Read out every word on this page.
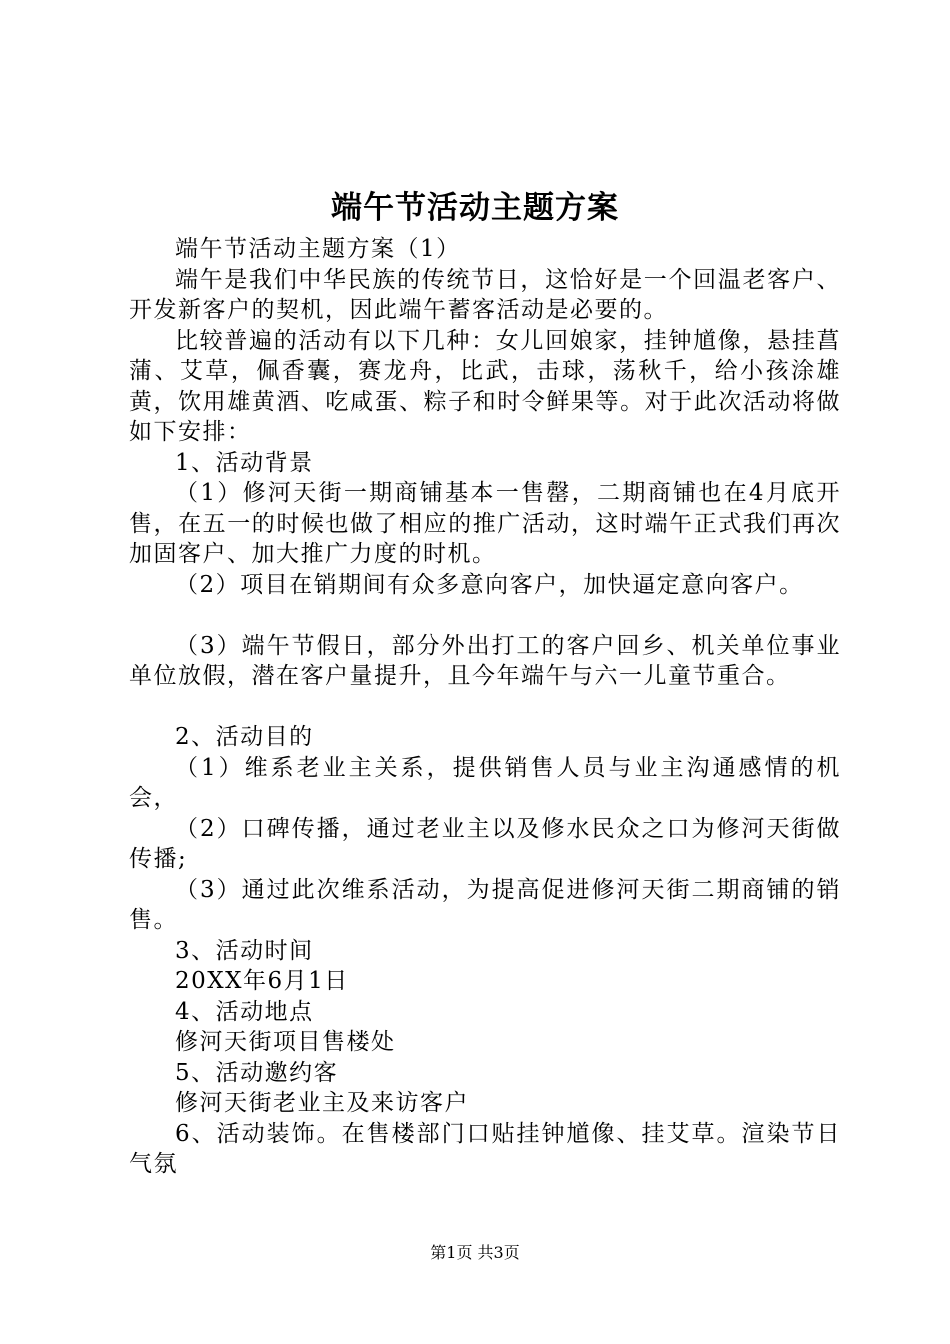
端午节活动主题方案

端午节活动主题方案（1）

端午是我们中华民族的传统节日，这恰好是一个回温老客户、开发新客户的契机，因此端午蓄客活动是必要的。

比较普遍的活动有以下几种：女儿回娘家，挂钟馗像，悬挂菖蒲、艾草，佩香囊，赛龙舟，比武，击球，荡秋千，给小孩涂雄黄，饮用雄黄酒、吃咸蛋、粽子和时令鲜果等。对于此次活动将做如下安排：

1、活动背景

（1）修河天街一期商铺基本一售罄，二期商铺也在4月底开售，在五一的时候也做了相应的推广活动，这时端午正式我们再次加固客户、加大推广力度的时机。

（2）项目在销期间有众多意向客户，加快逼定意向客户。

（3）端午节假日，部分外出打工的客户回乡、机关单位事业单位放假，潜在客户量提升，且今年端午与六一儿童节重合。

2、活动目的

（1）维系老业主关系，提供销售人员与业主沟通感情的机会，

（2）口碑传播，通过老业主以及修水民众之口为修河天街做传播;

（3）通过此次维系活动，为提高促进修河天街二期商铺的销售。

3、活动时间

20XX年6月1日

4、活动地点

修河天街项目售楼处

5、活动邀约客

修河天街老业主及来访客户

6、活动装饰。在售楼部门口贴挂钟馗像、挂艾草。渲染节日气氛

第1页 共3页
